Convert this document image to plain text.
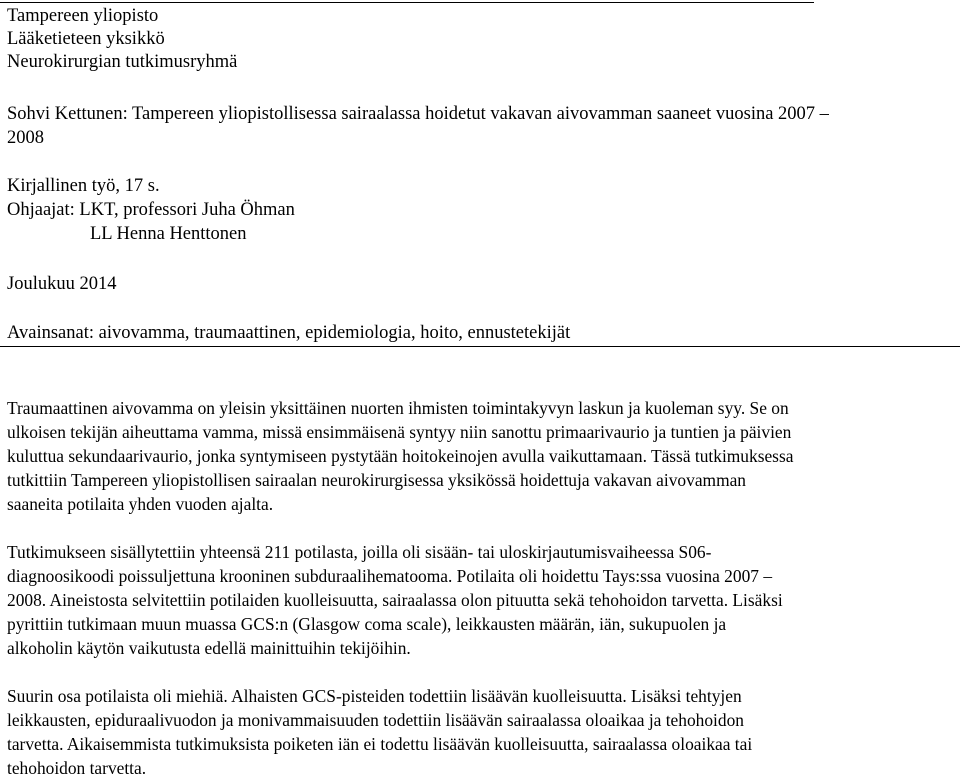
Tampereen yliopisto
Lääketieteen yksikkö
Neurokirurgian tutkimusryhmä
Sohvi Kettunen: Tampereen yliopistollisessa sairaalassa hoidetut vakavan aivovamman saaneet vuosina 2007 –
2008
Kirjallinen työ, 17 s.
Ohjaajat: LKT, professori Juha Öhman
LL Henna Henttonen
Joulukuu 2014
Avainsanat: aivovamma, traumaattinen, epidemiologia, hoito, ennustetekijät
Traumaattinen aivovamma on yleisin yksittäinen nuorten ihmisten toimintakyvyn laskun ja kuoleman syy. Se on
ulkoisen tekijän aiheuttama vamma, missä ensimmäisenä syntyy niin sanottu primaarivaurio ja tuntien ja päivien
kuluttua sekundaarivaurio, jonka syntymiseen pystytään hoitokeinojen avulla vaikuttamaan. Tässä tutkimuksessa
tutkittiin Tampereen yliopistollisen sairaalan neurokirurgisessa yksikössä hoidettuja vakavan aivovamman
saaneita potilaita yhden vuoden ajalta.
Tutkimukseen sisällytettiin yhteensä 211 potilasta, joilla oli sisään- tai uloskirjautumisvaiheessa S06-
diagnoosikoodi poissuljettuna krooninen subduraalihematooma. Potilaita oli hoidettu Tays:ssa vuosina 2007 –
2008. Aineistosta selvitettiin potilaiden kuolleisuutta, sairaalassa olon pituutta sekä tehohoidon tarvetta. Lisäksi
pyrittiin tutkimaan muun muassa GCS:n (Glasgow coma scale), leikkausten määrän, iän, sukupuolen ja
alkoholin käytön vaikutusta edellä mainittuihin tekijöihin.
Suurin osa potilaista oli miehiä. Alhaisten GCS-pisteiden todettiin lisäävän kuolleisuutta. Lisäksi tehtyjen
leikkausten, epiduraalivuodon ja monivammaisuuden todettiin lisäävän sairaalassa oloaikaa ja tehohoidon
tarvetta. Aikaisemmista tutkimuksista poiketen iän ei todettu lisäävän kuolleisuutta, sairaalassa oloaikaa tai
tehohoidon tarvetta.
